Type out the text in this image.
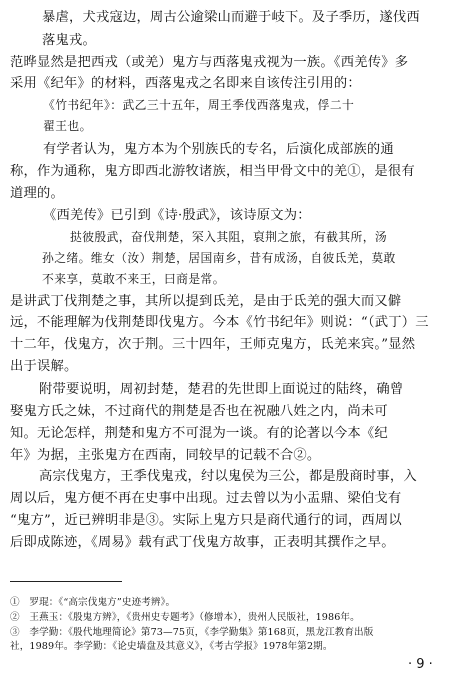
暴虐，犬戎寇边，周古公逾梁山而避于岐下。及子季历，遂伐西
落鬼戎。
范晔显然是把西戎（或羌）鬼方与西落鬼戎视为一族。《西羌传》多
采用《纪年》的材料，西落鬼戎之名即来自该传注引用的：
《竹书纪年》：武乙三十五年，周王季伐西落鬼戎，俘二十
翟王也。
有学者认为，鬼方本为个别族氏的专名，后演化成部族的通
称，作为通称，鬼方即西北游牧诸族，相当甲骨文中的羌①，是很有
道理的。
《西羌传》已引到《诗·殷武》，该诗原文为：
挞彼殷武，奋伐荆楚，罙入其阻，裒荆之旅，有截其所，汤
孙之绪。维女（汝）荆楚，居国南乡，昔有成汤，自彼氐羌，莫敢
不来享，莫敢不来王，曰商是常。
是讲武丁伐荆楚之事，其所以提到氐羌，是由于氐羌的强大而又僻
远，不能理解为伐荆楚即伐鬼方。今本《竹书纪年》则说：“（武丁）三
十二年，伐鬼方，次于荆。三十四年，王师克鬼方，氐羌来宾。”显然
出于误解。
附带要说明，周初封楚，楚君的先世即上面说过的陆终，确曾
娶鬼方氏之妹，不过商代的荆楚是否也在祝融八姓之内，尚未可
知。无论怎样，荆楚和鬼方不可混为一谈。有的论著以今本《纪
年》为据，主张鬼方在西南，同较早的记载不合②。
高宗伐鬼方，王季伐鬼戎，纣以鬼侯为三公，都是殷商时事，入
周以后，鬼方便不再在史事中出现。过去曾以为小盂鼎、梁伯戈有
“鬼方”，近已辨明非是③。实际上鬼方只是商代通行的词，西周以
后即成陈迹，《周易》载有武丁伐鬼方故事，正表明其撰作之早。
①　罗琨：《“高宗伐鬼方”史迹考辨》。
②　王燕玉：《殷鬼方辨》，《贵州史专题考》（修增本），贵州人民版社，1986年。
③　李学勤：《殷代地理简论》第73—75页，《李学勤集》第168页，黑龙江教育出版
社，1989年。李学勤：《论史墙盘及其意义》，《考古学报》1978年第2期。
· 9 ·
